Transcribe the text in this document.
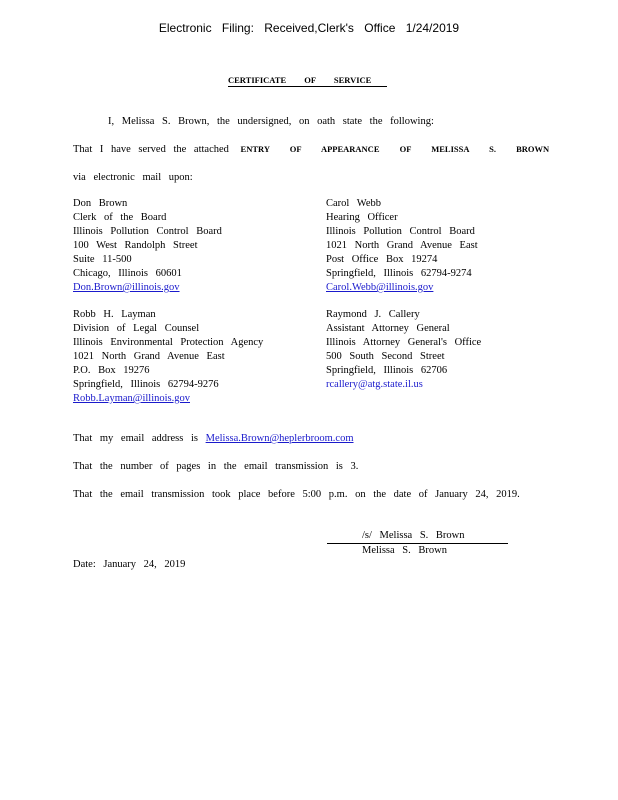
Electronic Filing: Received,Clerk's Office 1/24/2019
CERTIFICATE OF SERVICE
I, Melissa S. Brown, the undersigned, on oath state the following:
That I have served the attached ENTRY OF APPEARANCE OF MELISSA S. BROWN
via electronic mail upon:
Don Brown
Clerk of the Board
Illinois Pollution Control Board
100 West Randolph Street
Suite 11-500
Chicago, Illinois 60601
Don.Brown@illinois.gov
Carol Webb
Hearing Officer
Illinois Pollution Control Board
1021 North Grand Avenue East
Post Office Box 19274
Springfield, Illinois 62794-9274
Carol.Webb@illinois.gov
Robb H. Layman
Division of Legal Counsel
Illinois Environmental Protection Agency
1021 North Grand Avenue East
P.O. Box 19276
Springfield, Illinois 62794-9276
Robb.Layman@illinois.gov
Raymond J. Callery
Assistant Attorney General
Illinois Attorney General's Office
500 South Second Street
Springfield, Illinois 62706
rcallery@atg.state.il.us
That my email address is Melissa.Brown@heplerbroom.com
That the number of pages in the email transmission is 3.
That the email transmission took place before 5:00 p.m. on the date of January 24, 2019.
/s/ Melissa S. Brown
Melissa S. Brown
Date: January 24, 2019
